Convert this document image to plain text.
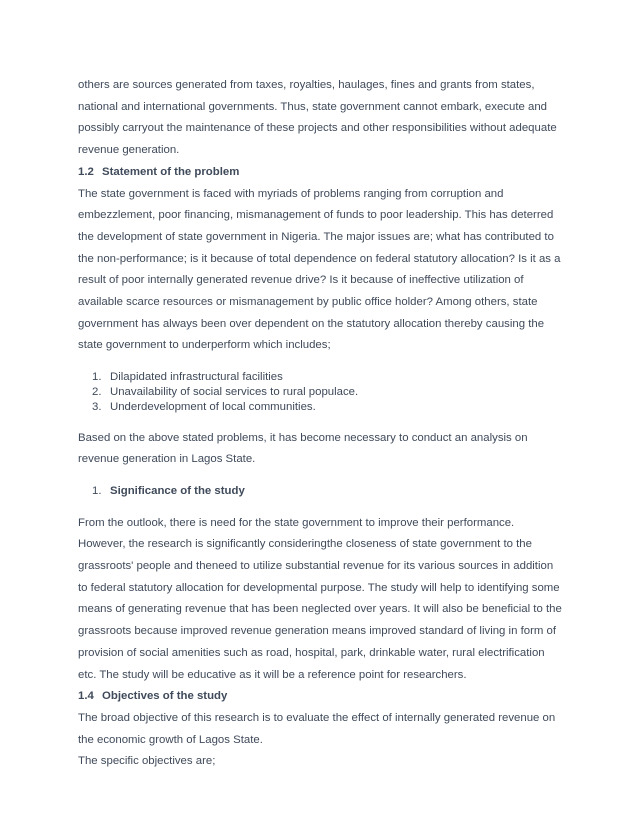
others are sources generated from taxes, royalties, haulages, fines and grants from states, national and international governments. Thus, state government cannot embark, execute and possibly carryout the maintenance of these projects and other responsibilities without adequate revenue generation.

1.2 Statement of the problem

The state government is faced with myriads of problems ranging from corruption and embezzlement, poor financing, mismanagement of funds to poor leadership. This has deterred the development of state government in Nigeria. The major issues are; what has contributed to the non-performance; is it because of total dependence on federal statutory allocation? Is it as a result of poor internally generated revenue drive? Is it because of ineffective utilization of available scarce resources or mismanagement by public office holder? Among others, state government has always been over dependent on the statutory allocation thereby causing the state government to underperform which includes;

1. Dilapidated infrastructural facilities
2. Unavailability of social services to rural populace.
3. Underdevelopment of local communities.

Based on the above stated problems, it has become necessary to conduct an analysis on revenue generation in Lagos State.

1. Significance of the study

From the outlook, there is need for the state government to improve their performance. However, the research is significantly consideringthe closeness of state government to the grassroots' people and theneed to utilize substantial revenue for its various sources in addition to federal statutory allocation for developmental purpose. The study will help to identifying some means of generating revenue that has been neglected over years. It will also be beneficial to the grassroots because improved revenue generation means improved standard of living in form of provision of social amenities such as road, hospital, park, drinkable water, rural electrification etc. The study will be educative as it will be a reference point for researchers.

1.4 Objectives of the study

The broad objective of this research is to evaluate the effect of internally generated revenue on the economic growth of Lagos State.

The specific objectives are;
